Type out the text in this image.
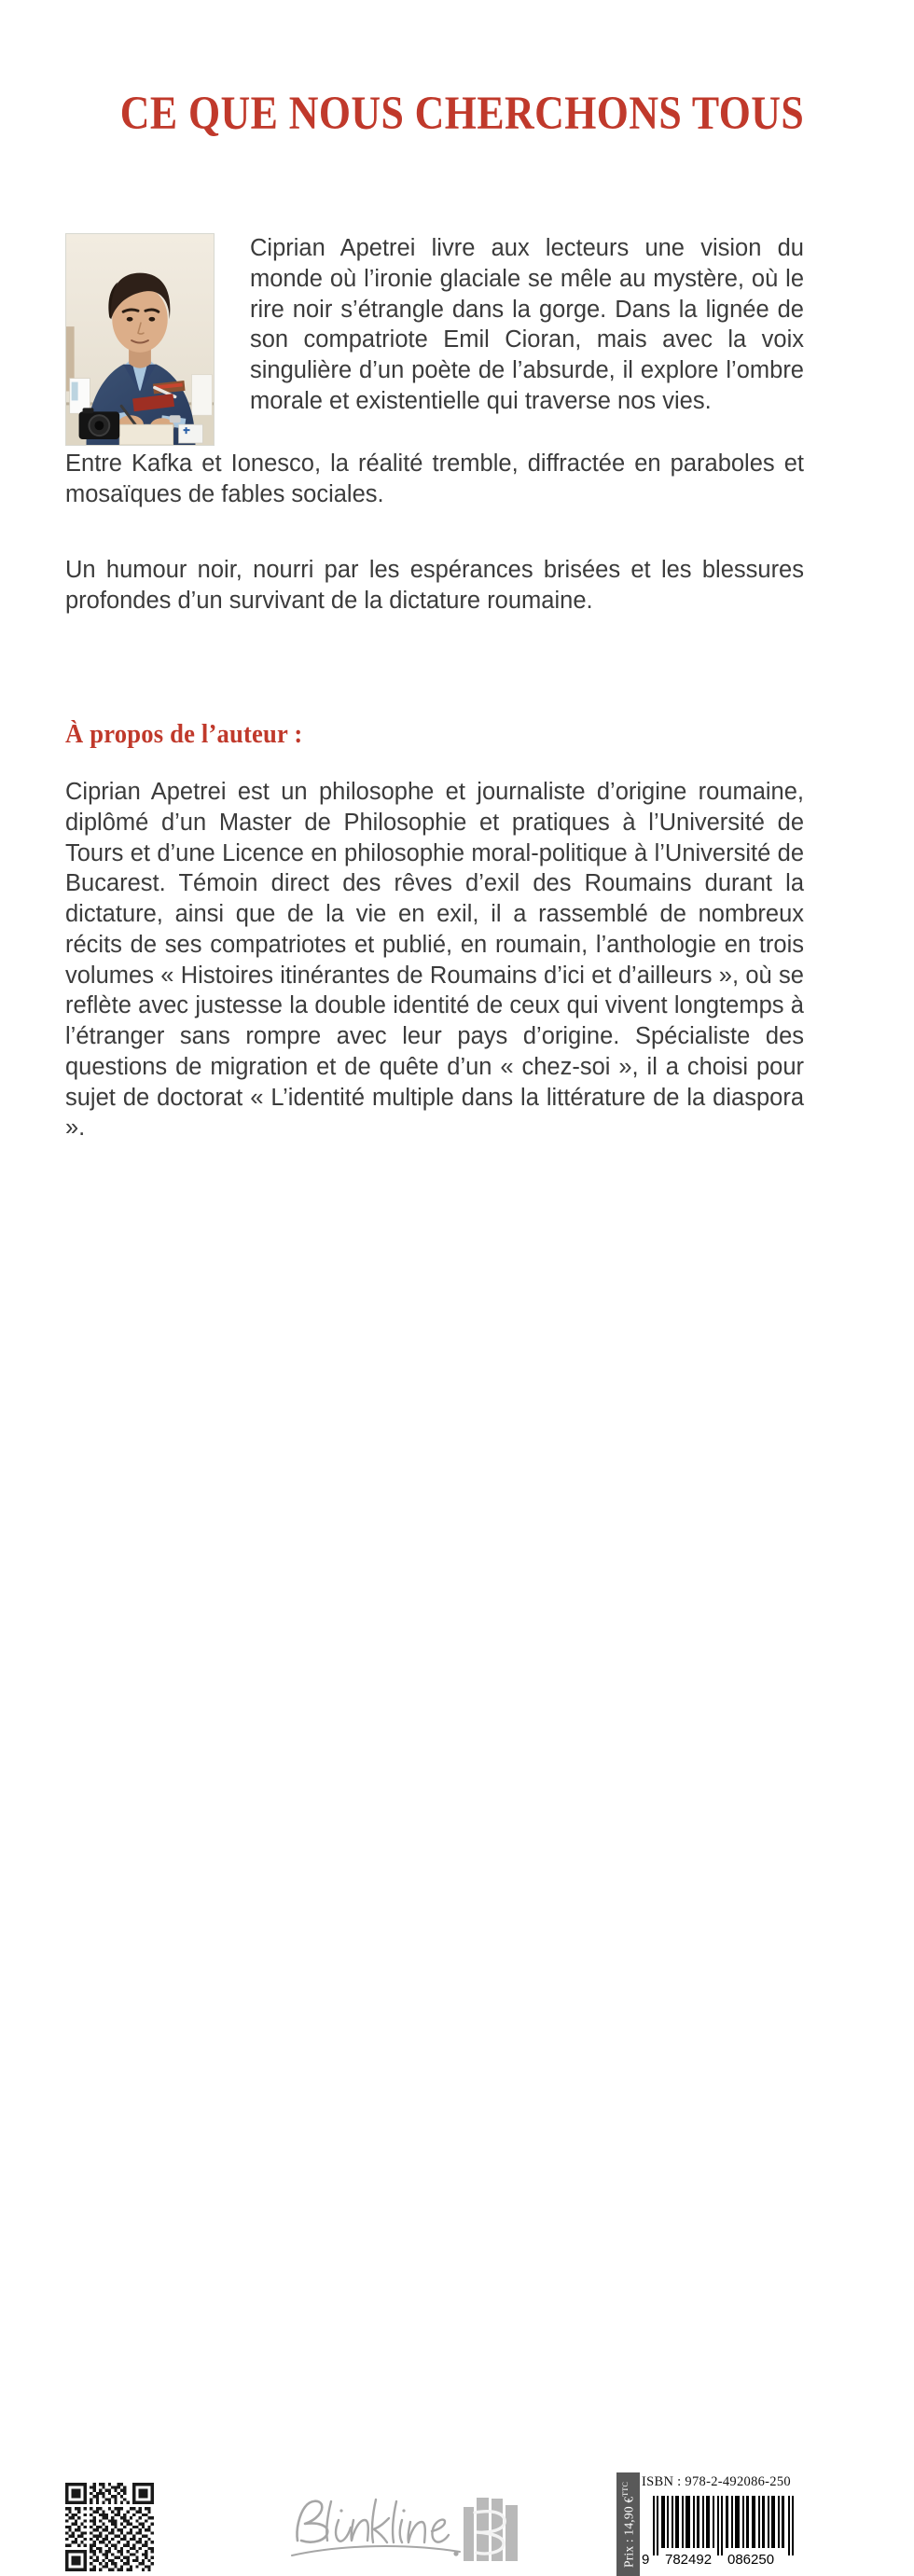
CE QUE NOUS CHERCHONS TOUS

Ciprian Apetrei livre aux lecteurs une vision du monde où l’ironie glaciale se mêle au mystère, où le rire noir s’étrangle dans la gorge. Dans la lignée de son compatriote Emil Cioran, mais avec la voix singulière d’un poète de l’absurde, il explore l’ombre morale et existentielle qui traverse nos vies.

Entre Kafka et Ionesco, la réalité tremble, diffractée en paraboles et mosaïques de fables sociales.

Un humour noir, nourri par les espérances brisées et les blessures profondes d’un survivant de la dictature roumaine.

À propos de l’auteur :

Ciprian Apetrei est un philosophe et journaliste d’origine roumaine, diplômé d’un Master de Philosophie et pratiques à l’Université de Tours et d’une Licence en philosophie moral-politique à l’Université de Bucarest. Témoin direct des rêves d’exil des Roumains durant la dictature, ainsi que de la vie en exil, il a rassemblé de nombreux récits de ses compatriotes et publié, en roumain, l’anthologie en trois volumes « Histoires itinérantes de Roumains d’ici et d’ailleurs », où se reflète avec justesse la double identité de ceux qui vivent longtemps à l’étranger sans rompre avec leur pays d’origine. Spécialiste des questions de migration et de quête d’un « chez-soi », il a choisi pour sujet de doctorat « L’identité multiple dans la littérature de la diaspora ».

Prix : 14,90 €$^{TTC}$ ISBN : 978-2-492086-250
9 782492 086250
